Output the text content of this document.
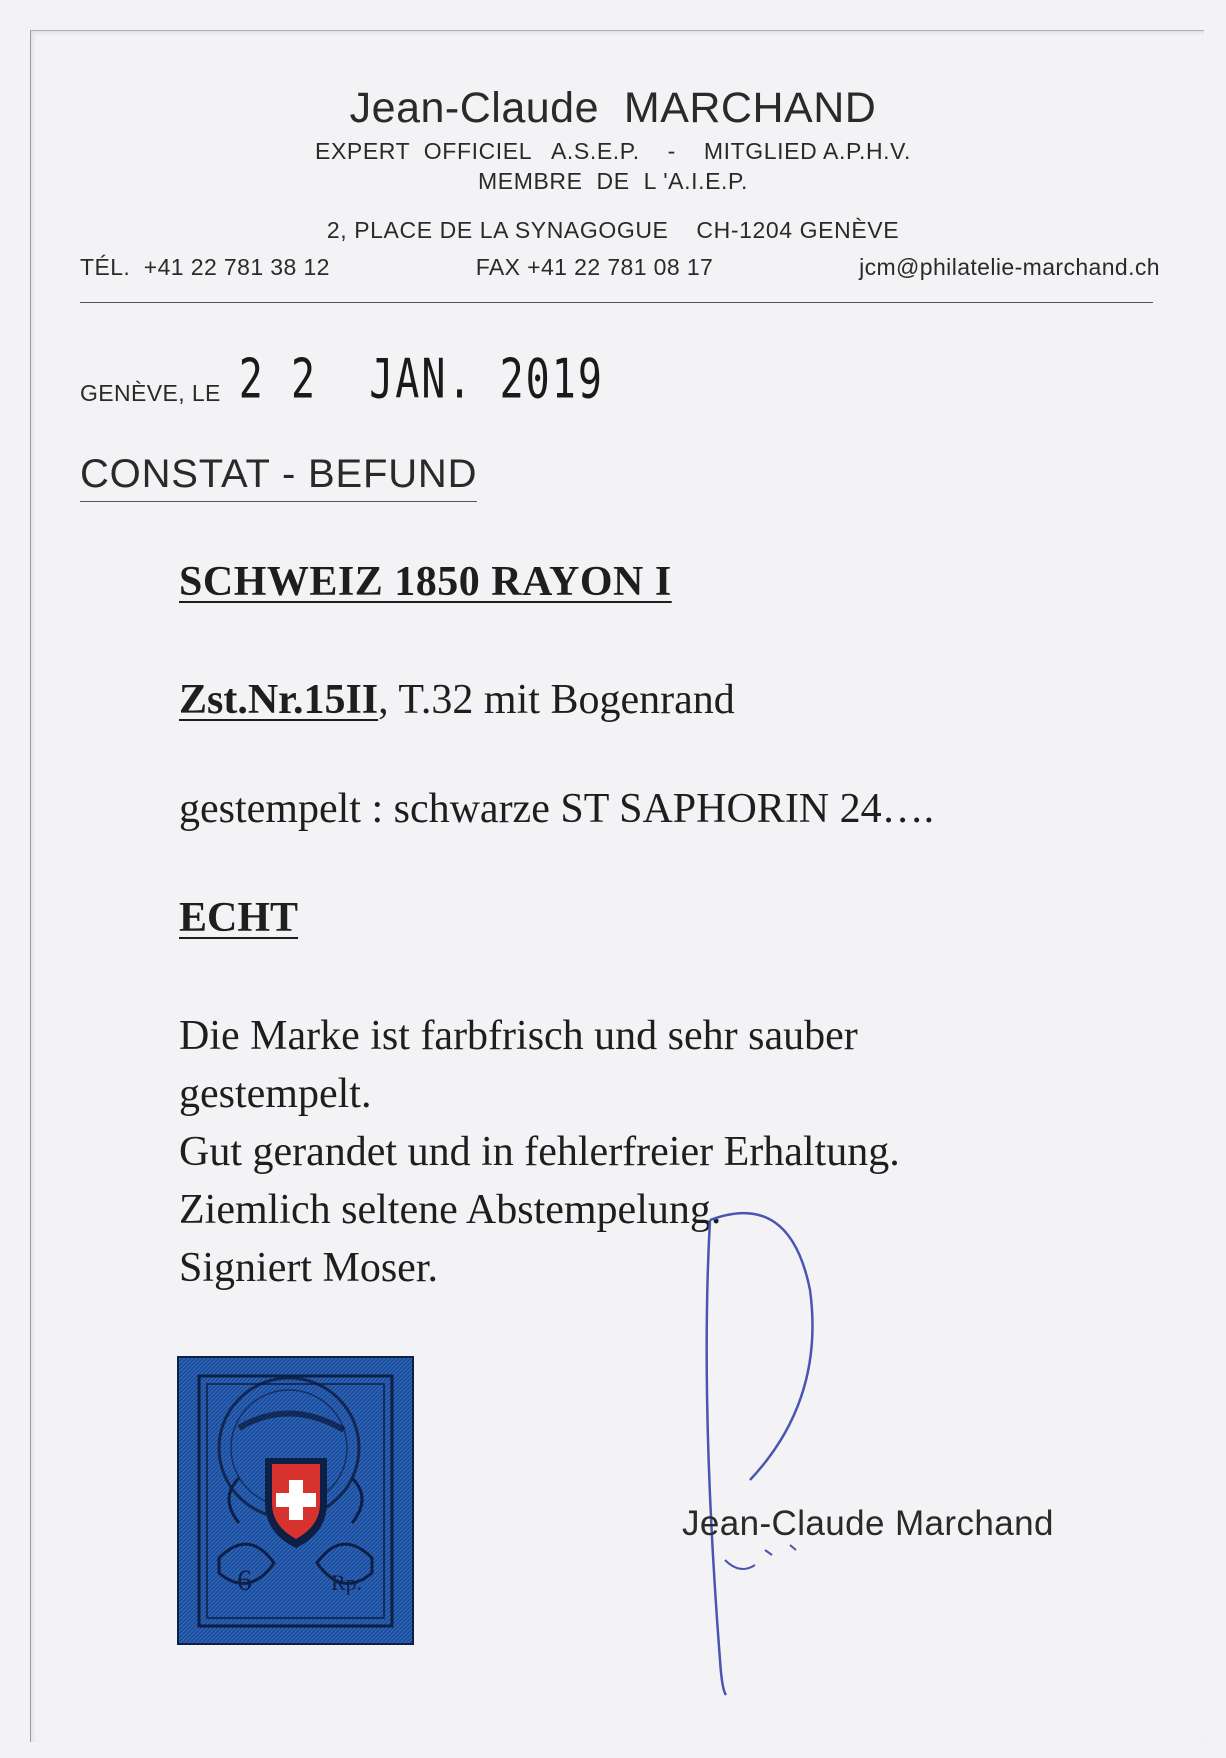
Jean-Claude  MARCHAND
EXPERT  OFFICIEL   A.S.E.P.    -    MITGLIED A.P.H.V.
MEMBRE  DE  L 'A.I.E.P.
2, PLACE DE LA SYNAGOGUE    CH-1204 GENÈVE
TÉL.  +41 22 781 38 12	FAX +41 22 781 08 17	jcm@philatelie-marchand.ch
GENÈVE, LE 2 2  JAN. 2019
CONSTAT - BEFUND
SCHWEIZ 1850 RAYON I
Zst.Nr.15II, T.32 mit Bogenrand
gestempelt : schwarze ST SAPHORIN 24….
ECHT
Die Marke ist farbfrisch und sehr sauber
gestempelt.
Gut gerandet und in fehlerfreier Erhaltung.
Ziemlich seltene Abstempelung.
Signiert Moser.
6	Rp.
Jean-Claude Marchand
